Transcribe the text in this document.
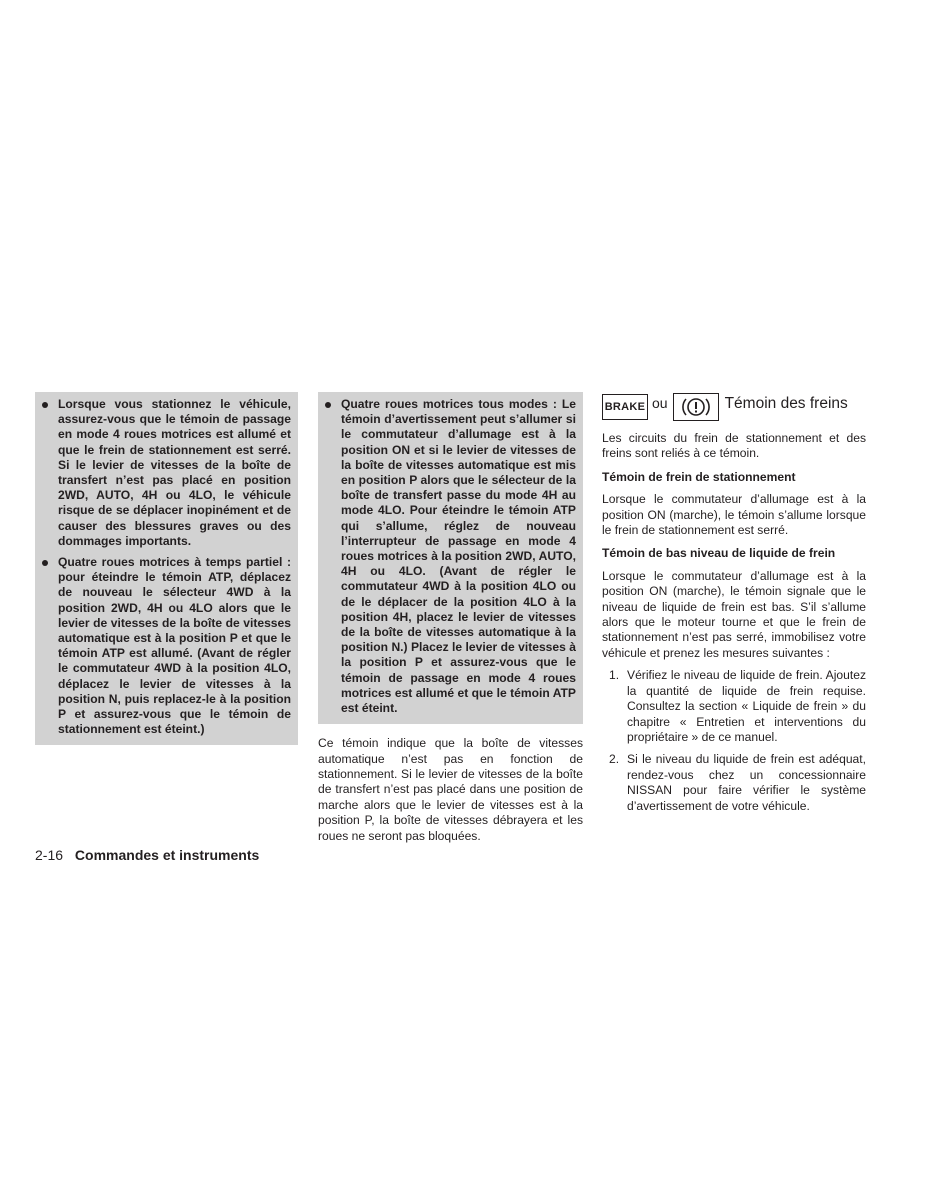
Lorsque vous stationnez le véhicule, assurez-vous que le témoin de passage en mode 4 roues motrices est allumé et que le frein de stationnement est serré. Si le levier de vitesses de la boîte de transfert n’est pas placé en position 2WD, AUTO, 4H ou 4LO, le véhicule risque de se déplacer inopinément et de causer des blessures graves ou des dommages importants.
Quatre roues motrices à temps partiel : pour éteindre le témoin ATP, déplacez de nouveau le sélecteur 4WD à la position 2WD, 4H ou 4LO alors que le levier de vitesses de la boîte de vitesses automatique est à la position P et que le témoin ATP est allumé. (Avant de régler le commutateur 4WD à la position 4LO, déplacez le levier de vitesses à la position N, puis replacez-le à la position P et assurez-vous que le témoin de stationnement est éteint.)
Quatre roues motrices tous modes : Le témoin d’avertissement peut s’allumer si le commutateur d’allumage est à la position ON et si le levier de vitesses de la boîte de vitesses automatique est mis en position P alors que le sélecteur de la boîte de transfert passe du mode 4H au mode 4LO. Pour éteindre le témoin ATP qui s’allume, réglez de nouveau l’interrupteur de passage en mode 4 roues motrices à la position 2WD, AUTO, 4H ou 4LO. (Avant de régler le commutateur 4WD à la position 4LO ou de le déplacer de la position 4LO à la position 4H, placez le levier de vitesses de la boîte de vitesses automatique à la position N.) Placez le levier de vitesses à la position P et assurez-vous que le témoin de passage en mode 4 roues motrices est allumé et que le témoin ATP est éteint.

Ce témoin indique que la boîte de vitesses automatique n’est pas en fonction de stationnement. Si le levier de vitesses de la boîte de transfert n’est pas placé dans une position de marche alors que le levier de vitesses est à la position P, la boîte de vitesses débrayera et les roues ne seront pas bloquées.

BRAKE ou	Témoin des freins

Les circuits du frein de stationnement et des freins sont reliés à ce témoin.

Témoin de frein de stationnement

Lorsque le commutateur d’allumage est à la position ON (marche), le témoin s’allume lorsque le frein de stationnement est serré.

Témoin de bas niveau de liquide de frein

Lorsque le commutateur d’allumage est à la position ON (marche), le témoin signale que le niveau de liquide de frein est bas. S’il s’allume alors que le moteur tourne et que le frein de stationnement n’est pas serré, immobilisez votre véhicule et prenez les mesures suivantes :

1. Vérifiez le niveau de liquide de frein. Ajoutez la quantité de liquide de frein requise. Consultez la section « Liquide de frein » du chapitre « Entretien et interventions du propriétaire » de ce manuel.
2. Si le niveau du liquide de frein est adéquat, rendez-vous chez un concessionnaire NISSAN pour faire vérifier le système d’avertissement de votre véhicule.
2-16 Commandes et instruments
